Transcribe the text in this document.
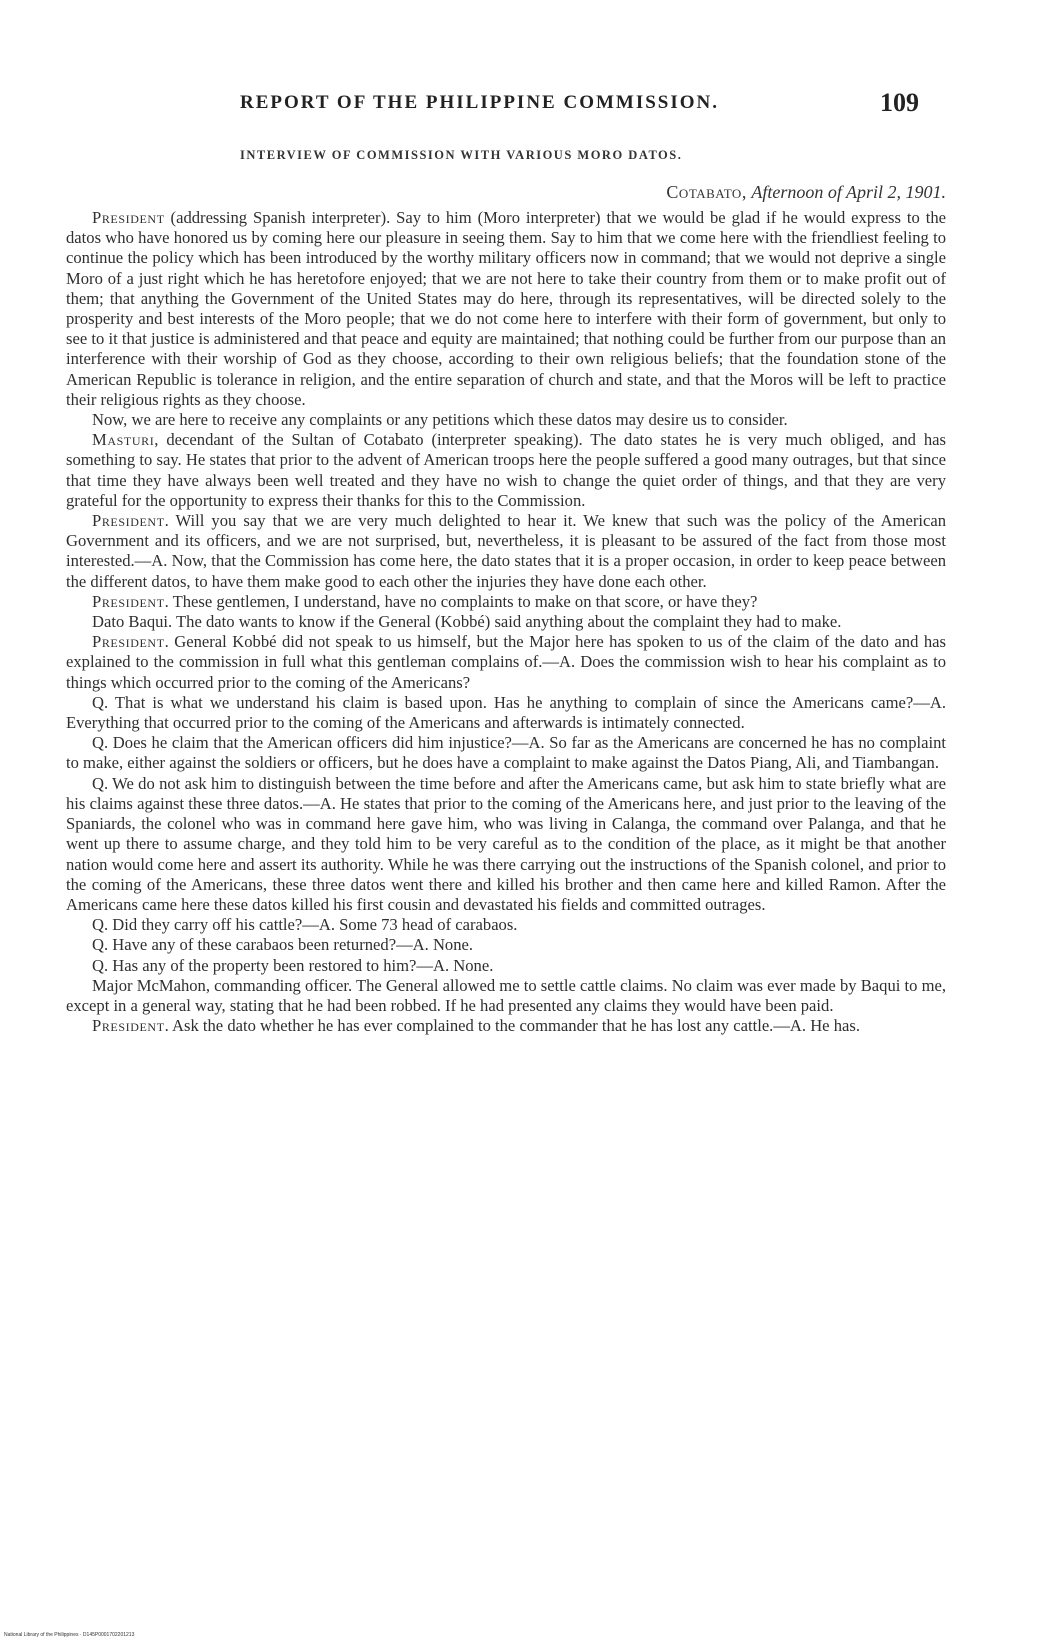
REPORT OF THE PHILIPPINE COMMISSION.	109
INTERVIEW OF COMMISSION WITH VARIOUS MORO DATOS.
Cotabato, Afternoon of April 2, 1901.

President (addressing Spanish interpreter). Say to him (Moro interpreter) that we would be glad if he would express to the datos who have honored us by coming here our pleasure in seeing them. Say to him that we come here with the friendliest feeling to continue the policy which has been introduced by the worthy military officers now in command; that we would not deprive a single Moro of a just right which he has heretofore enjoyed; that we are not here to take their country from them or to make profit out of them; that anything the Government of the United States may do here, through its representatives, will be directed solely to the prosperity and best interests of the Moro people; that we do not come here to interfere with their form of government, but only to see to it that justice is administered and that peace and equity are maintained; that nothing could be further from our purpose than an interference with their worship of God as they choose, according to their own religious beliefs; that the foundation stone of the American Republic is tolerance in religion, and the entire separation of church and state, and that the Moros will be left to practice their religious rights as they choose.

Now, we are here to receive any complaints or any petitions which these datos may desire us to consider.

Masturi, decendant of the Sultan of Cotabato (interpreter speaking). The dato states he is very much obliged, and has something to say. He states that prior to the advent of American troops here the people suffered a good many outrages, but that since that time they have always been well treated and they have no wish to change the quiet order of things, and that they are very grateful for the opportunity to express their thanks for this to the Commission.

President. Will you say that we are very much delighted to hear it. We knew that such was the policy of the American Government and its officers, and we are not surprised, but, nevertheless, it is pleasant to be assured of the fact from those most interested.—A. Now, that the Commission has come here, the dato states that it is a proper occasion, in order to keep peace between the different datos, to have them make good to each other the injuries they have done each other.

President. These gentlemen, I understand, have no complaints to make on that score, or have they?

Dato Baqui. The dato wants to know if the General (Kobbé) said anything about the complaint they had to make.

President. General Kobbé did not speak to us himself, but the Major here has spoken to us of the claim of the dato and has explained to the commission in full what this gentleman complains of.—A. Does the commission wish to hear his complaint as to things which occurred prior to the coming of the Americans?

Q. That is what we understand his claim is based upon. Has he anything to complain of since the Americans came?—A. Everything that occurred prior to the coming of the Americans and afterwards is intimately connected.

Q. Does he claim that the American officers did him injustice?—A. So far as the Americans are concerned he has no complaint to make, either against the soldiers or officers, but he does have a complaint to make against the Datos Piang, Ali, and Tiambangan.

Q. We do not ask him to distinguish between the time before and after the Americans came, but ask him to state briefly what are his claims against these three datos.—A. He states that prior to the coming of the Americans here, and just prior to the leaving of the Spaniards, the colonel who was in command here gave him, who was living in Calanga, the command over Palanga, and that he went up there to assume charge, and they told him to be very careful as to the condition of the place, as it might be that another nation would come here and assert its authority. While he was there carrying out the instructions of the Spanish colonel, and prior to the coming of the Americans, these three datos went there and killed his brother and then came here and killed Ramon. After the Americans came here these datos killed his first cousin and devastated his fields and committed outrages.

Q. Did they carry off his cattle?—A. Some 73 head of carabaos.

Q. Have any of these carabaos been returned?—A. None.

Q. Has any of the property been restored to him?—A. None.

Major McMahon, commanding officer. The General allowed me to settle cattle claims. No claim was ever made by Baqui to me, except in a general way, stating that he had been robbed. If he had presented any claims they would have been paid.

President. Ask the dato whether he has ever complained to the commander that he has lost any cattle.—A. He has.

National Library of the Philippines · D145P0001702201213
